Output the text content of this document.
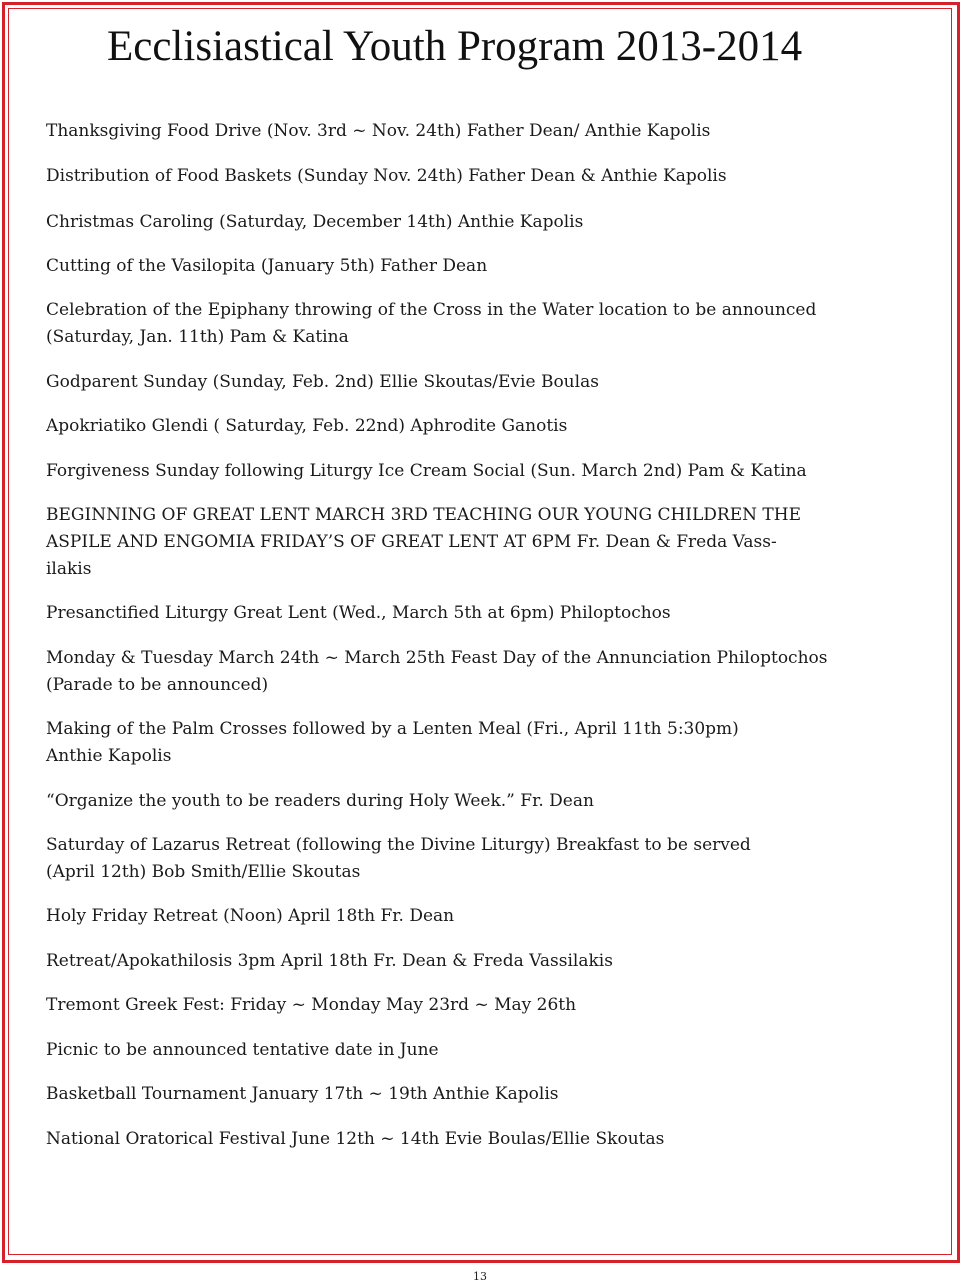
Ecclisiastical Youth Program 2013-2014

Thanksgiving Food Drive (Nov. 3rd ~ Nov. 24th) Father Dean/ Anthie Kapolis

Distribution of Food Baskets (Sunday Nov. 24th) Father Dean & Anthie Kapolis

Christmas Caroling (Saturday, December 14th) Anthie Kapolis

Cutting of the Vasilopita (January 5th) Father Dean

Celebration of the Epiphany throwing of the Cross in the Water location to be announced

(Saturday, Jan. 11th) Pam & Katina

Godparent Sunday (Sunday, Feb. 2nd) Ellie Skoutas/Evie Boulas

Apokriatiko Glendi ( Saturday, Feb. 22nd) Aphrodite Ganotis

Forgiveness Sunday following Liturgy Ice Cream Social (Sun. March 2nd) Pam & Katina

BEGINNING OF GREAT LENT MARCH 3RD TEACHING OUR YOUNG CHILDREN THE

ASPILE AND ENGOMIA FRIDAY’S OF GREAT LENT AT 6PM Fr. Dean & Freda Vass-

ilakis

Presanctified Liturgy Great Lent (Wed., March 5th at 6pm) Philoptochos

Monday & Tuesday March 24th ~ March 25th Feast Day of the Annunciation Philoptochos

(Parade to be announced)

Making of the Palm Crosses followed by a Lenten Meal (Fri., April 11th 5:30pm)

Anthie Kapolis

“Organize the youth to be readers during Holy Week.” Fr. Dean

Saturday of Lazarus Retreat (following the Divine Liturgy) Breakfast to be served

(April 12th) Bob Smith/Ellie Skoutas

Holy Friday Retreat (Noon) April 18th Fr. Dean

Retreat/Apokathilosis 3pm April 18th Fr. Dean & Freda Vassilakis

Tremont Greek Fest: Friday ~ Monday May 23rd ~ May 26th

Picnic to be announced tentative date in June

Basketball Tournament January 17th ~ 19th Anthie Kapolis

National Oratorical Festival June 12th ~ 14th Evie Boulas/Ellie Skoutas

13
